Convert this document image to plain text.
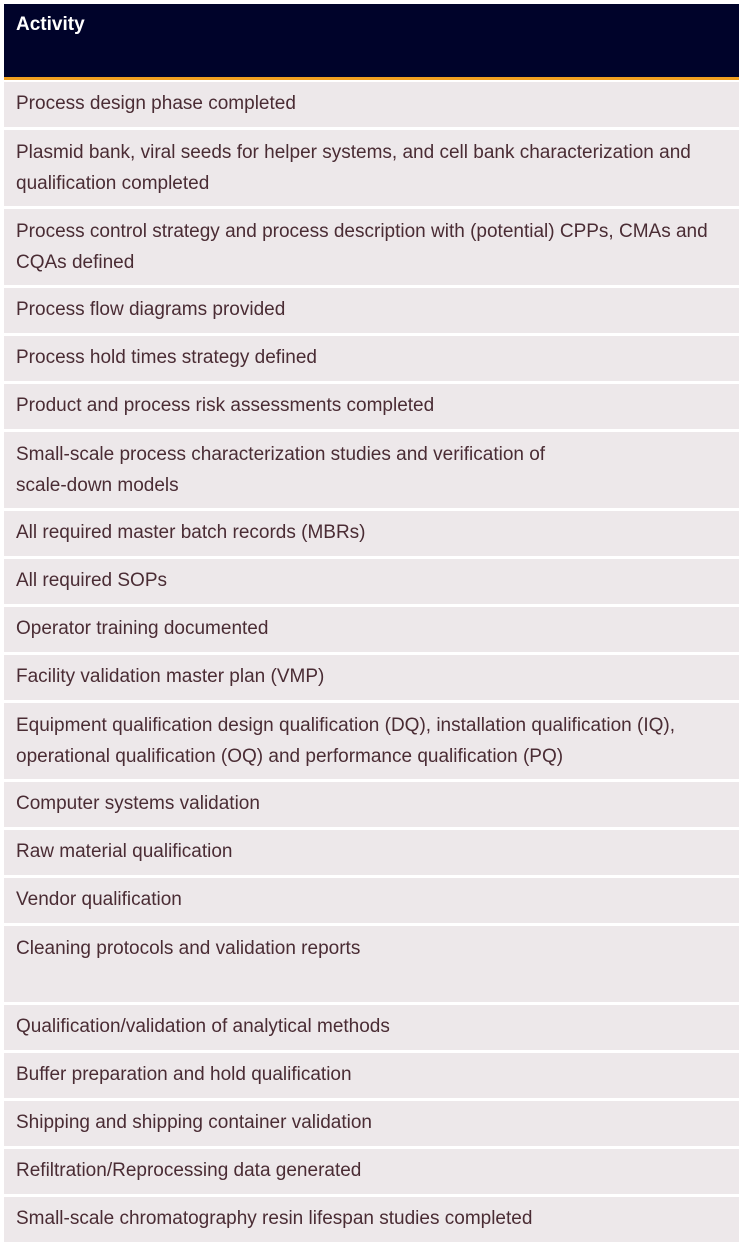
Activity
Process design phase completed
Plasmid bank, viral seeds for helper systems, and cell bank characterization and qualification completed
Process control strategy and process description with (potential) CPPs, CMAs and CQAs defined
Process flow diagrams provided
Process hold times strategy defined
Product and process risk assessments completed
Small-scale process characterization studies and verification of scale-down models
All required master batch records (MBRs)
All required SOPs
Operator training documented
Facility validation master plan (VMP)
Equipment qualification design qualification (DQ), installation qualification (IQ), operational qualification (OQ) and performance qualification (PQ)
Computer systems validation
Raw material qualification
Vendor qualification
Cleaning protocols and validation reports
Qualification/validation of analytical methods
Buffer preparation and hold qualification
Shipping and shipping container validation
Refiltration/Reprocessing data generated
Small-scale chromatography resin lifespan studies completed
